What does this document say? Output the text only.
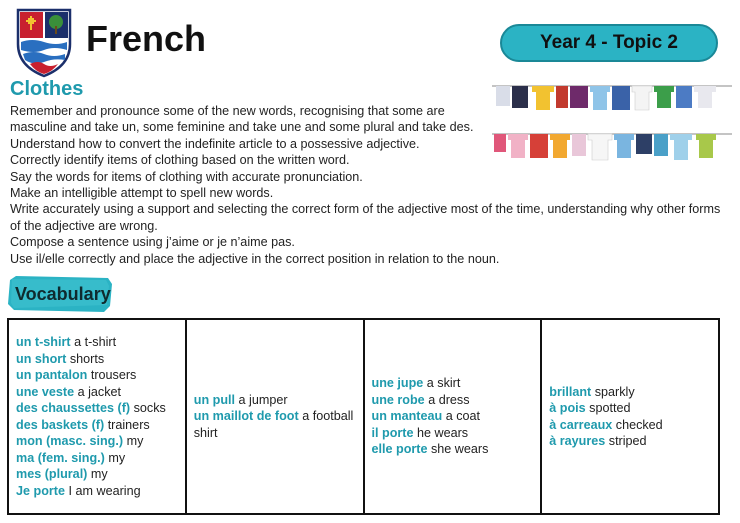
French	Year 4 - Topic 2
Clothes
Remember and pronounce some of the new words, recognising that some are
masculine and take un, some feminine and take une and some plural and take des.
Understand how to convert the indefinite article to a possessive adjective.
Correctly identify items of clothing based on the written word.
Say the words for items of clothing with accurate pronunciation.
Make an intelligible attempt to spell new words.
Write accurately using a support and selecting the correct form of the adjective most of the time, understanding why other forms of the adjective are wrong.
Compose a sentence using j’aime or je n’aime pas.
Use il/elle correctly and place the adjective in the correct position in relation to the noun.
Vocabulary
un t-shirt a t-shirt
un short shorts
un pantalon trousers
une veste a jacket
des chaussettes (f) socks
des baskets (f) trainers
mon (masc. sing.) my
ma (fem. sing.) my
mes (plural) my
Je porte I am wearing
un pull a jumper
un maillot de foot a football shirt
une jupe a skirt
une robe a dress
un manteau a coat
il porte he wears
elle porte she wears
brillant sparkly
à pois spotted
à carreaux checked
à rayures striped
